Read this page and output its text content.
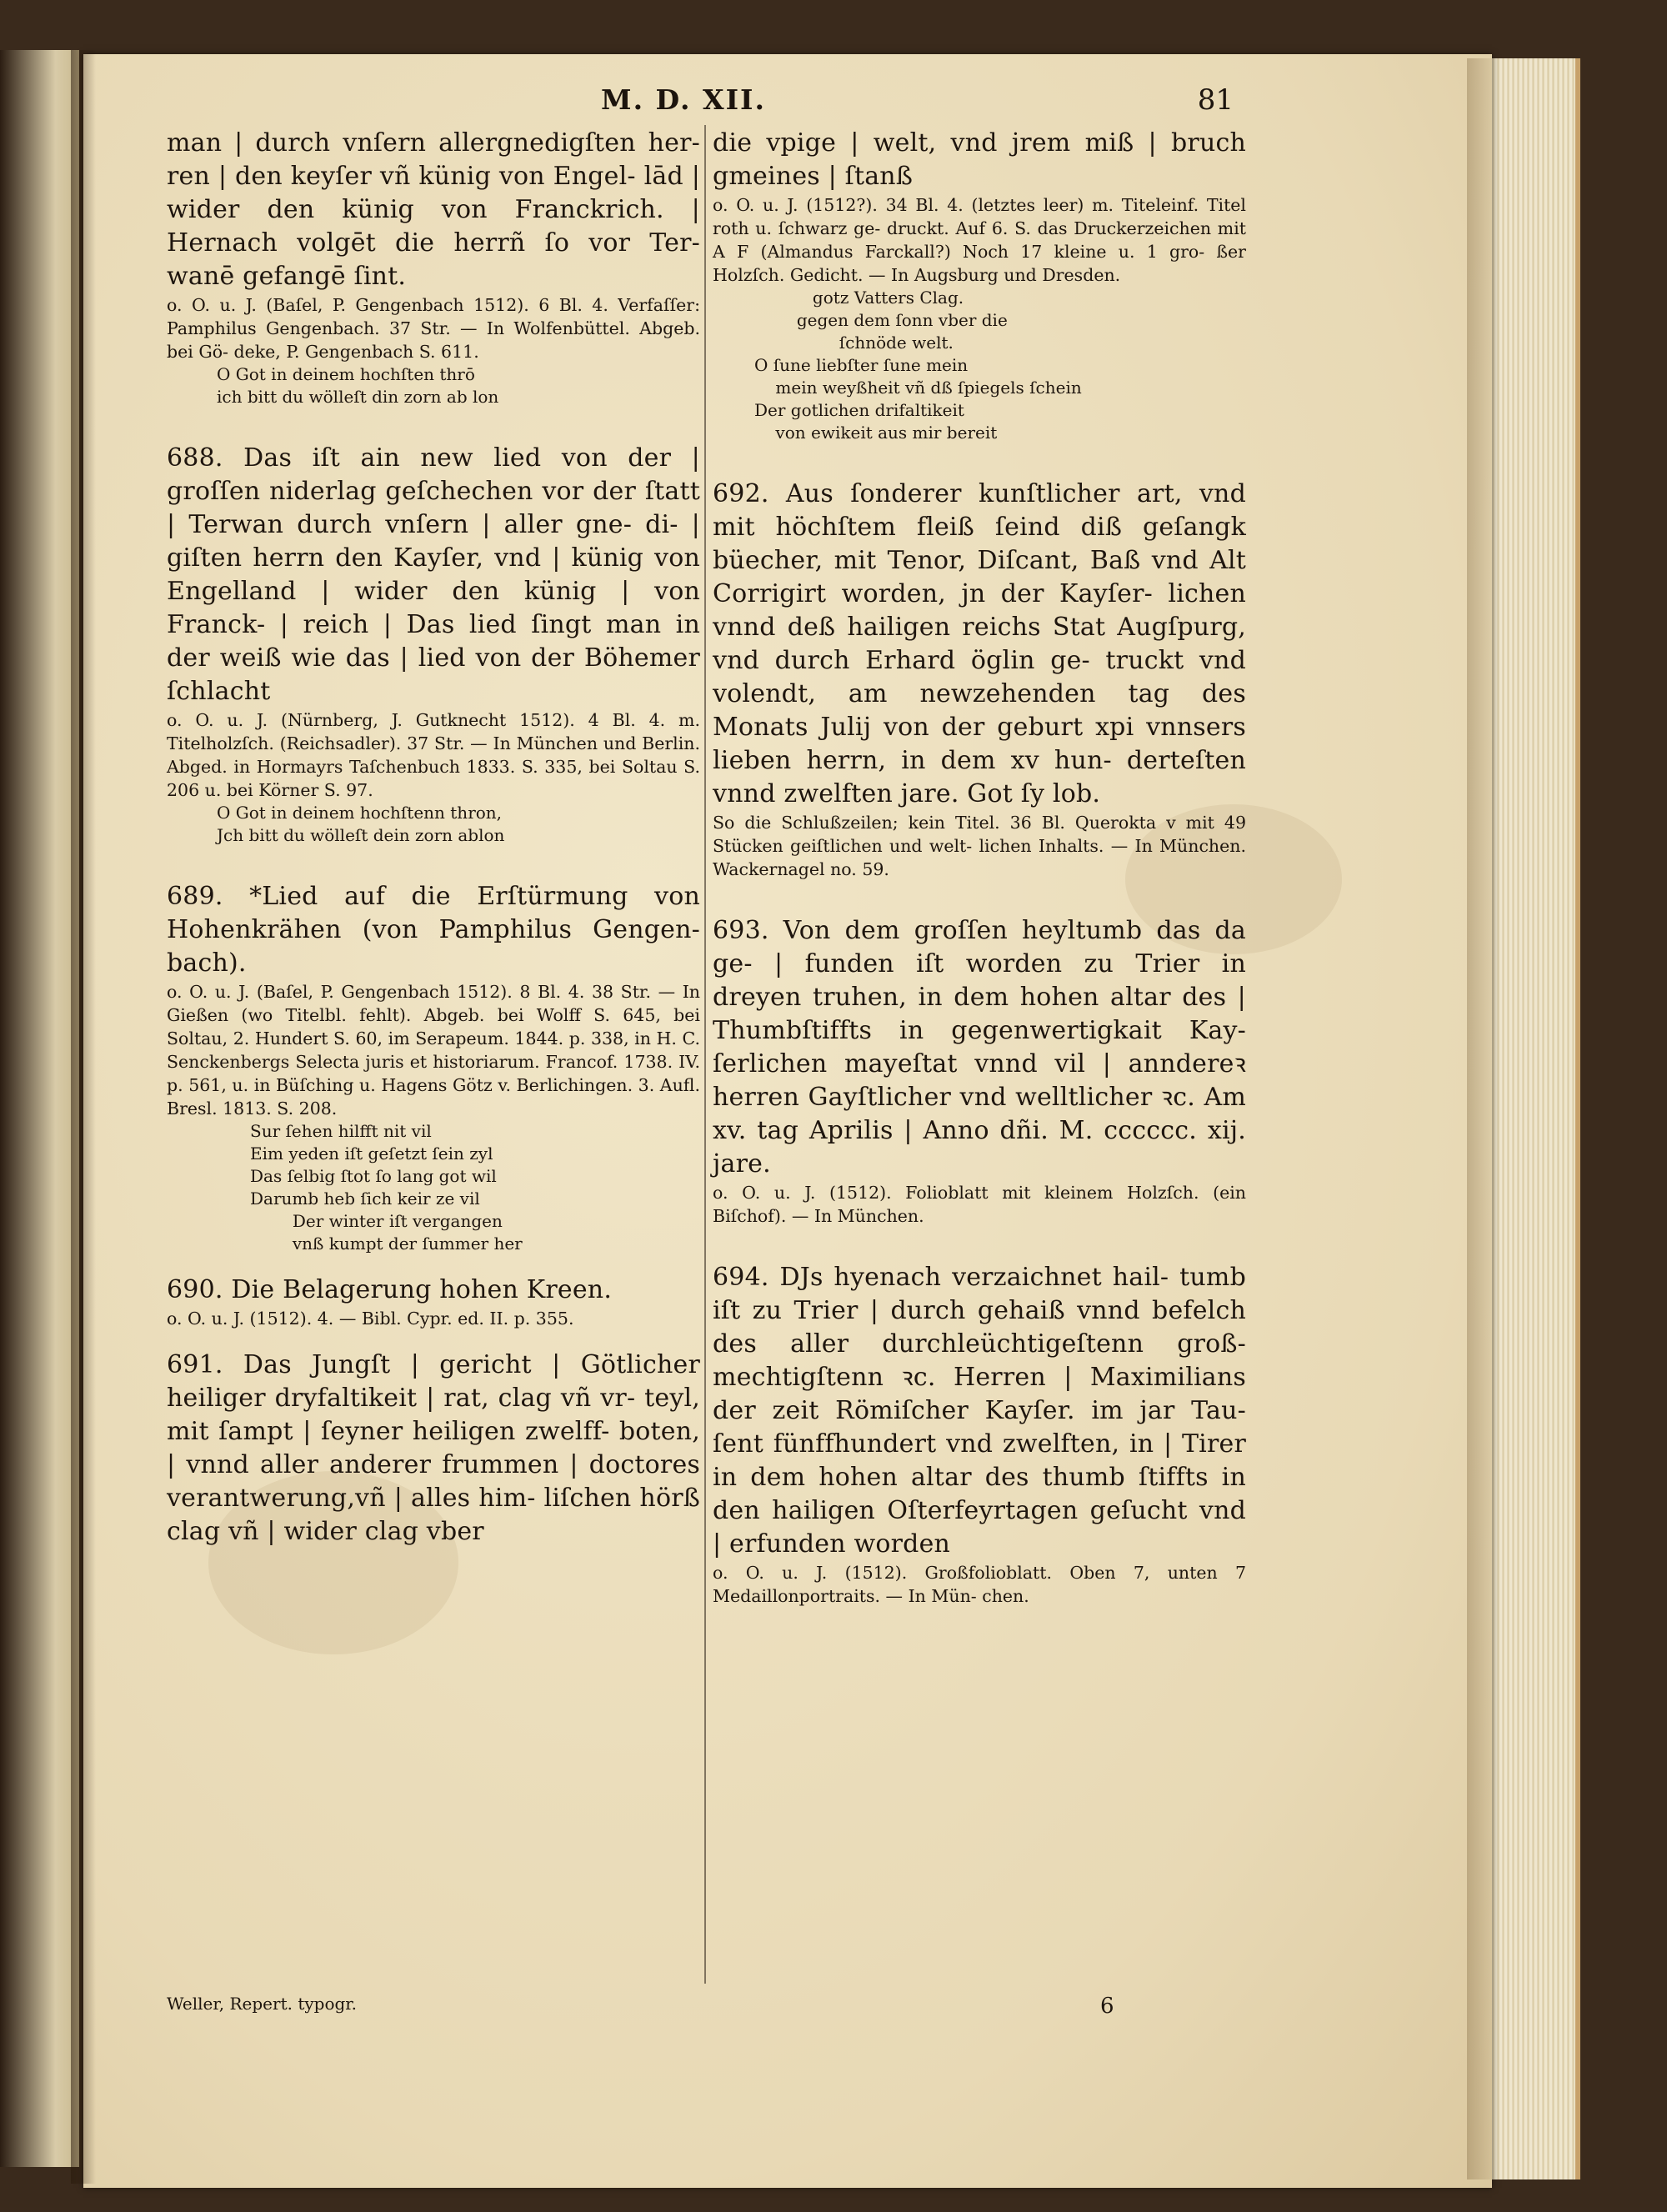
M. D. XII.	81

man | durch vnſern allergnedigſten her- ren | den keyſer vñ künig von Engel- lād | wider den künig von Franckrich. | Hernach volgēt die herrñ ſo vor Ter- wanē gefangē ſint.

o. O. u. J. (Baſel, P. Gengenbach 1512). 6 Bl. 4. Verfaſſer: Pamphilus Gengenbach. 37 Str. — In Wolfenbüttel. Abgeb. bei Gö- deke, P. Gengenbach S. 611.

O Got in deinem hochſten thrō
ich bitt du wölleſt din zorn ab lon

688. Das iſt ain new lied von der | groſſen niderlag geſchechen vor der ſtatt | Terwan durch vnſern | aller gne- di- | giſten herrn den Kayſer, vnd | künig von Engelland | wider den künig | von Franck- | reich | Das lied ſingt man in der weiß wie das | lied von der Böhemer ſchlacht

o. O. u. J. (Nürnberg, J. Gutknecht 1512). 4 Bl. 4. m. Titelholzſch. (Reichsadler). 37 Str. — In München und Berlin. Abged. in Hormayrs Taſchenbuch 1833. S. 335, bei Soltau S. 206 u. bei Körner S. 97.

O Got in deinem hochſtenn thron,
Jch bitt du wölleſt dein zorn ablon

689. *Lied auf die Erſtürmung von Hohenkrähen (von Pamphilus Gengen- bach).

o. O. u. J. (Baſel, P. Gengenbach 1512). 8 Bl. 4. 38 Str. — In Gießen (wo Titelbl. fehlt). Abgeb. bei Wolff S. 645, bei Soltau, 2. Hundert S. 60, im Serapeum. 1844. p. 338, in H. C. Senckenbergs Selecta juris et historiarum. Francof. 1738. IV. p. 561, u. in Büſching u. Hagens Götz v. Berlichingen. 3. Aufl. Bresl. 1813. S. 208.

Sur ſehen hilfft nit vil
Eim yeden iſt geſetzt ſein zyl
Das ſelbig ſtot ſo lang got wil
Darumb heb ſich keir ze vil
Der winter iſt vergangen
vnß kumpt der ſummer her

690. Die Belagerung hohen Kreen.

o. O. u. J. (1512). 4. — Bibl. Cypr. ed. II. p. 355.

691. Das Jungſt | gericht | Götlicher heiliger dryfaltikeit | rat, clag vñ vr- teyl, mit ſampt | ſeyner heiligen zwelff- boten, | vnnd aller anderer frummen | doctores verantwerung,vñ | alles him- liſchen hörß clag vñ | wider clag vber

die vpige | welt, vnd jrem miß | bruch gmeines | ſtanß

o. O. u. J. (1512?). 34 Bl. 4. (letztes leer) m. Titeleinf. Titel roth u. ſchwarz ge- druckt. Auf 6. S. das Druckerzeichen mit A F (Almandus Farckall?) Noch 17 kleine u. 1 gro- ßer Holzſch. Gedicht. — In Augsburg und Dresden.

gotz Vatters Clag.
gegen dem ſonn vber die
ſchnöde welt.
O ſune liebſter ſune mein
mein weyßheit vñ dß ſpiegels ſchein
Der gotlichen drifaltikeit
von ewikeit aus mir bereit

692. Aus ſonderer kunſtlicher art, vnd mit höchſtem fleiß ſeind diß geſangk büecher, mit Tenor, Diſcant, Baß vnd Alt Corrigirt worden, jn der Kayſer- lichen vnnd deß hailigen reichs Stat Augſpurg, vnd durch Erhard öglin ge- truckt vnd volendt, am newzehenden tag des Monats Julij von der geburt xpi vnnsers lieben herrn, in dem xv hun- derteſten vnnd zwelften jare. Got ſy lob.

So die Schlußzeilen; kein Titel. 36 Bl. Querokta v mit 49 Stücken geiſtlichen und welt- lichen Inhalts. — In München. Wackernagel no. 59.

693. Von dem groſſen heyltumb das da ge- | funden iſt worden zu Trier in dreyen truhen, in dem hohen altar des | Thumbſtiffts in gegenwertigkait Kay- ſerlichen mayeſtat vnnd vil | anndereꝛ herren Gayſtlicher vnd welltlicher ꝛc. Am xv. tag Aprilis | Anno dñi. M. cccccc. xij. jare.

o. O. u. J. (1512). Folioblatt mit kleinem Holzſch. (ein Biſchof). — In München.

694. DJs hyenach verzaichnet hail- tumb iſt zu Trier | durch gehaiß vnnd befelch des aller durchleüchtigeſtenn groß- mechtigſtenn ꝛc. Herren | Maximilians der zeit Römiſcher Kayſer. im jar Tau- ſent fünffhundert vnd zwelften, in | Tirer in dem hohen altar des thumb ſtiffts in den hailigen Oſterfeyrtagen geſucht vnd | erfunden worden

o. O. u. J. (1512). Großfolioblatt. Oben 7, unten 7 Medaillonportraits. — In Mün- chen.

Weller, Repert. typogr.	6
